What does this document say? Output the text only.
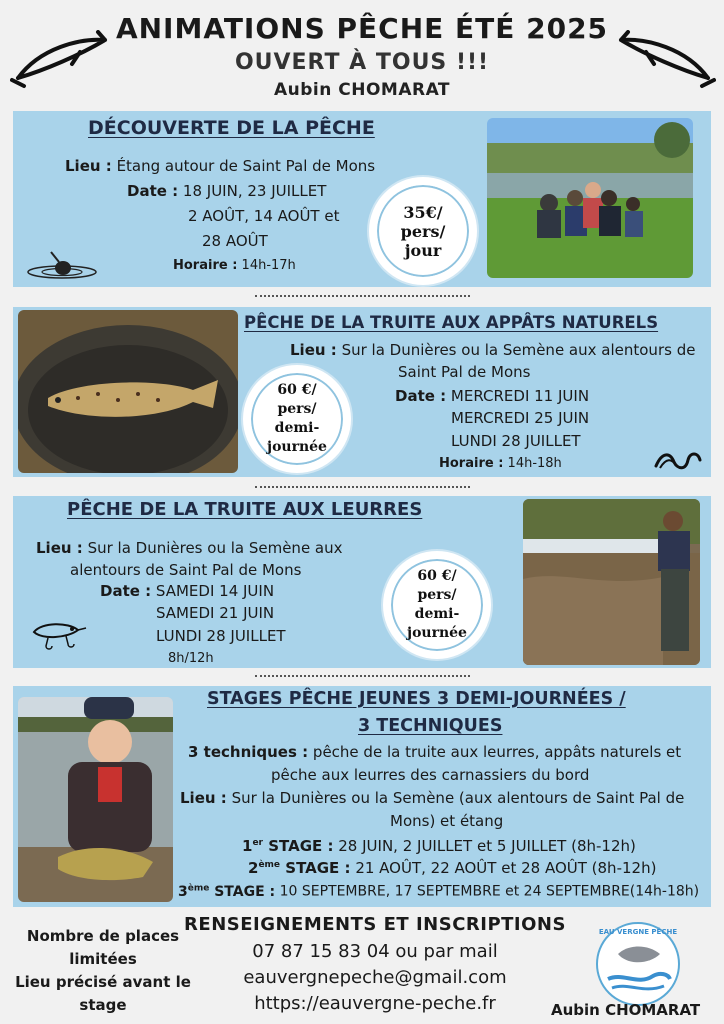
ANIMATIONS PÊCHE ÉTÉ 2025
OUVERT À TOUS !!!
Aubin CHOMARAT
DÉCOUVERTE DE LA PÊCHE
Lieu : Étang autour de Saint Pal de Mons
Date : 18 JUIN, 23 JUILLET
2 AOÛT, 14 AOÛT et
28 AOÛT
Horaire : 14h-17h
35€/
pers/
jour
PÊCHE DE LA TRUITE AUX APPÂTS NATURELS
Lieu : Sur la Dunières ou la Semène aux alentours de
Saint Pal de Mons
Date : MERCREDI 11 JUIN
MERCREDI 25 JUIN
LUNDI 28 JUILLET
Horaire : 14h-18h
60 €/
pers/
demi-
journée
PÊCHE DE LA TRUITE AUX LEURRES
Lieu : Sur la Dunières ou la Semène aux
alentours de Saint Pal de Mons
Date : SAMEDI 14 JUIN
SAMEDI 21 JUIN
LUNDI 28 JUILLET
8h/12h
60 €/
pers/
demi-
journée
STAGES PÊCHE JEUNES 3 DEMI-JOURNÉES /
3 TECHNIQUES
3 techniques : pêche de la truite aux leurres, appâts naturels et
pêche aux leurres des carnassiers du bord
Lieu : Sur la Dunières ou la Semène (aux alentours de Saint Pal de
Mons) et étang
1er STAGE : 28 JUIN, 2 JUILLET et 5 JUILLET (8h-12h)
2ème STAGE : 21 AOÛT, 22 AOÛT et 28 AOÛT (8h-12h)
3ème STAGE : 10 SEPTEMBRE, 17 SEPTEMBRE et 24 SEPTEMBRE(14h-18h)
Nombre de places
limitées
Lieu précisé avant le
stage
RENSEIGNEMENTS ET INSCRIPTIONS
07 87 15 83 04 ou par mail
eauvergnepeche@gmail.com
https://eauvergne-peche.fr
EAU VERGNE PÊCHE
Aubin CHOMARAT
